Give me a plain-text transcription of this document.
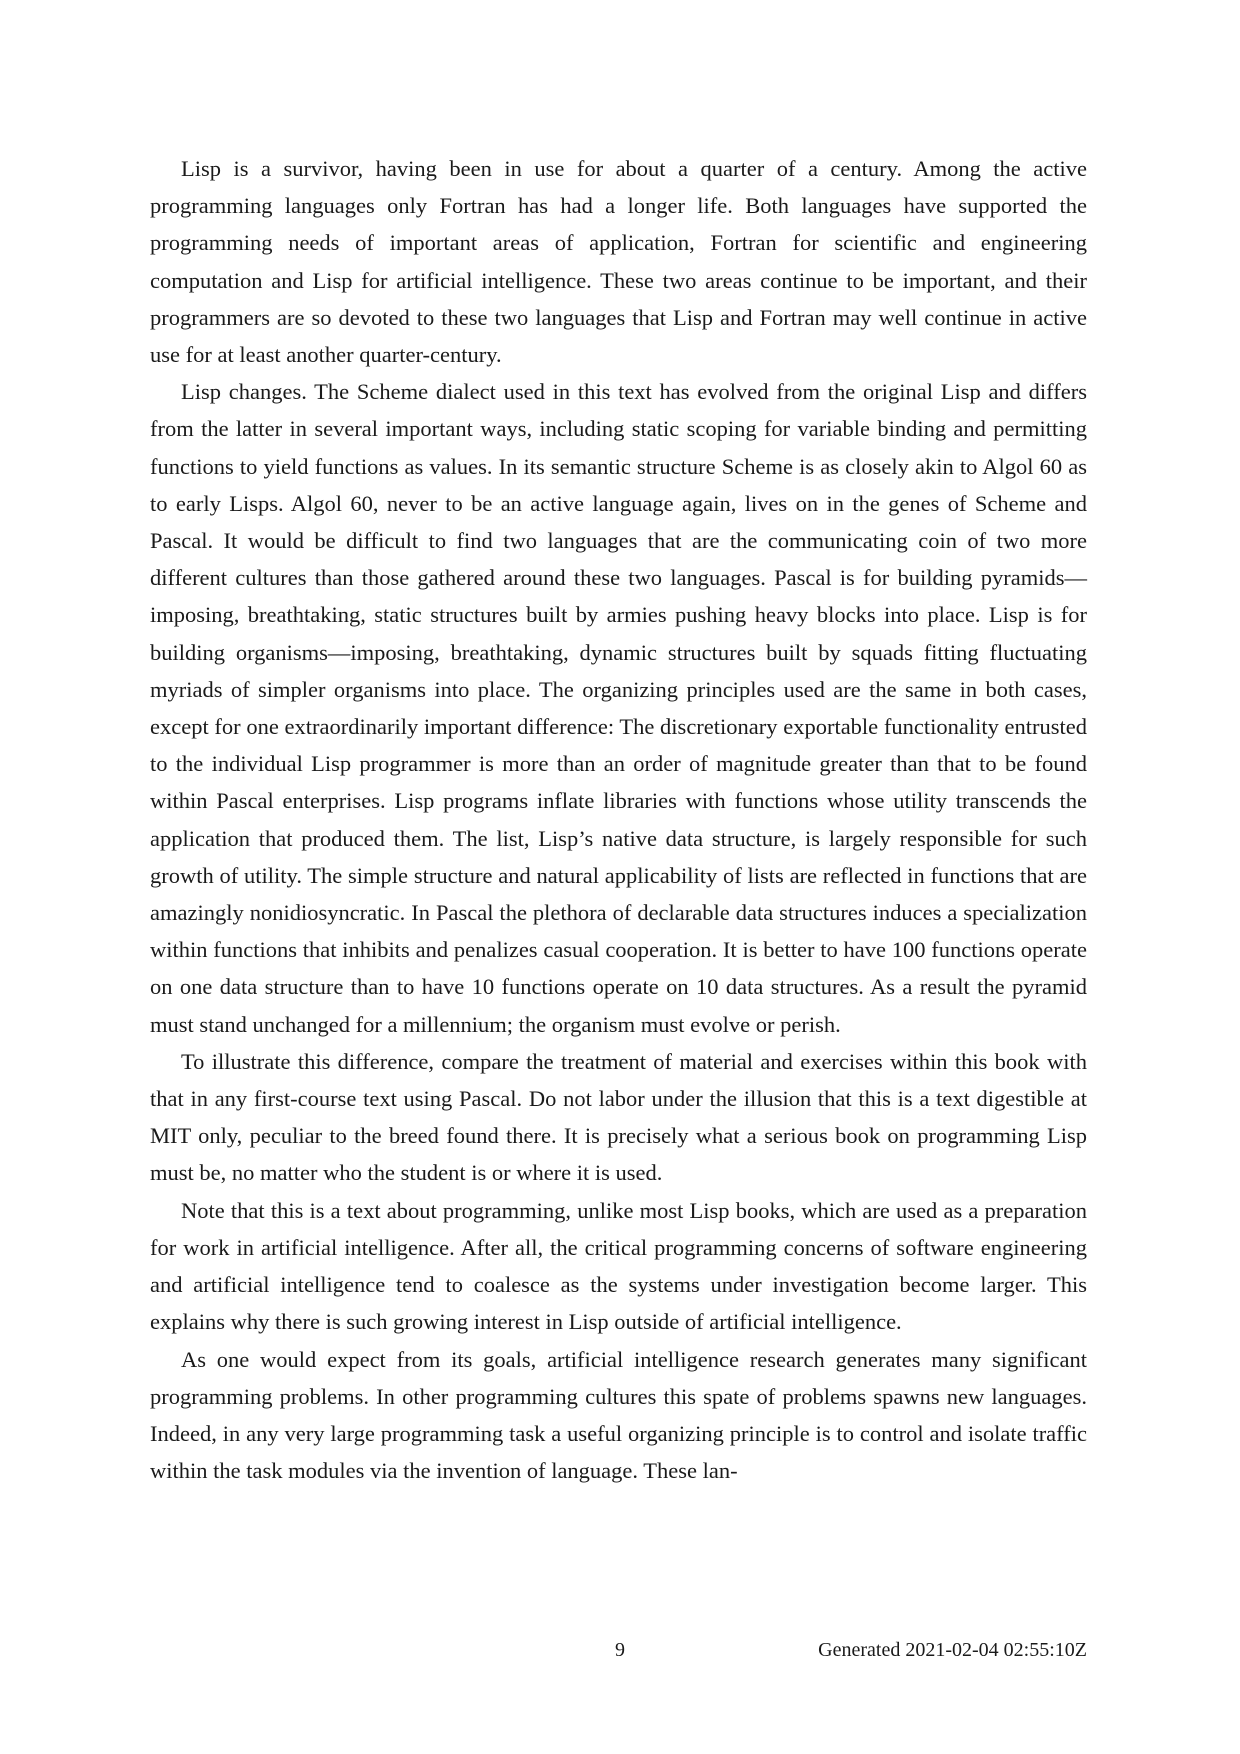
Lisp is a survivor, having been in use for about a quarter of a century. Among the active programming languages only Fortran has had a longer life. Both languages have supported the programming needs of important areas of application, Fortran for scientific and engineering computation and Lisp for artificial intelligence. These two areas continue to be important, and their programmers are so devoted to these two languages that Lisp and Fortran may well continue in active use for at least another quarter-century.

Lisp changes. The Scheme dialect used in this text has evolved from the original Lisp and differs from the latter in several important ways, including static scoping for variable binding and permitting functions to yield functions as values. In its semantic structure Scheme is as closely akin to Algol 60 as to early Lisps. Algol 60, never to be an active language again, lives on in the genes of Scheme and Pascal. It would be difficult to find two languages that are the communicating coin of two more different cultures than those gathered around these two languages. Pascal is for building pyramids—imposing, breathtaking, static structures built by armies pushing heavy blocks into place. Lisp is for building organisms—imposing, breathtaking, dynamic structures built by squads fitting fluctuating myriads of simpler organisms into place. The organizing principles used are the same in both cases, except for one extraordinarily important difference: The discretionary exportable functionality entrusted to the individual Lisp programmer is more than an order of magnitude greater than that to be found within Pascal enterprises. Lisp programs inflate libraries with functions whose utility transcends the application that produced them. The list, Lisp’s native data structure, is largely responsible for such growth of utility. The simple structure and natural applicability of lists are reflected in functions that are amazingly nonidiosyncratic. In Pascal the plethora of declarable data structures induces a specialization within functions that inhibits and penalizes casual cooperation. It is better to have 100 functions operate on one data structure than to have 10 functions operate on 10 data structures. As a result the pyramid must stand unchanged for a millennium; the organism must evolve or perish.

To illustrate this difference, compare the treatment of material and exercises within this book with that in any first-course text using Pascal. Do not labor under the illusion that this is a text digestible at MIT only, peculiar to the breed found there. It is precisely what a serious book on programming Lisp must be, no matter who the student is or where it is used.

Note that this is a text about programming, unlike most Lisp books, which are used as a preparation for work in artificial intelligence. After all, the critical programming concerns of software engineering and artificial intelligence tend to coalesce as the systems under investigation become larger. This explains why there is such growing interest in Lisp outside of artificial intelligence.

As one would expect from its goals, artificial intelligence research generates many significant programming problems. In other programming cultures this spate of problems spawns new languages. Indeed, in any very large programming task a useful organizing principle is to control and isolate traffic within the task modules via the invention of language. These lan-

9	Generated 2021-02-04 02:55:10Z
